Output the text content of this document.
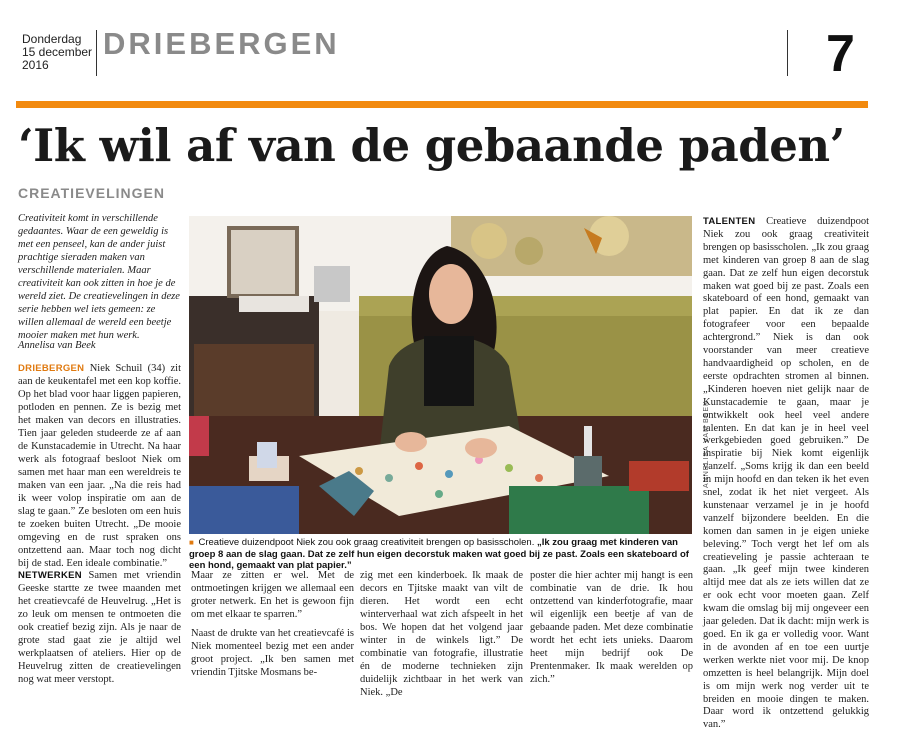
Donderdag
15 december
2016
DRIEBERGEN	7
‘Ik wil af van de gebaande paden’
CREATIEVELINGEN
Creativiteit komt in verschillende gedaantes. Waar de een geweldig is met een penseel, kan de ander juist prachtige sieraden maken van verschillende materialen. Maar creativiteit kan ook zitten in hoe je de wereld ziet. De creatievelingen in deze serie hebben wel iets gemeen: ze willen allemaal de wereld een beetje mooier maken met hun werk.
Annelisa van Beek
DRIEBERGEN Niek Schuil (34) zit aan de keukentafel met een kop koffie. Op het blad voor haar liggen papieren, potloden en pennen. Ze is bezig met het maken van decors en illustraties. Tien jaar geleden studeerde ze af aan de Kunstacademie in Utrecht. Na haar werk als fotograaf besloot Niek om samen met haar man een wereldreis te maken van een jaar. „Na die reis had ik weer volop inspiratie om aan de slag te gaan.” Ze besloten om een huis te zoeken buiten Utrecht. „De mooie omgeving en de rust spraken ons ontzettend aan. Maar toch nog dicht bij de stad. Een ideale combinatie.”
ANNELISA VAN BEEK
■ Creatieve duizendpoot Niek zou ook graag creativiteit brengen op basisscholen. „Ik zou graag met kinderen van groep 8 aan de slag gaan. Dat ze zelf hun eigen decorstuk maken wat goed bij ze past. Zoals een skateboard of een hond, gemaakt van plat papier.”
NETWERKEN Samen met vriendin Geeske startte ze twee maanden met het creatievcafé de Heuvelrug. „Het is zo leuk om mensen te ontmoeten die ook creatief bezig zijn. Als je naar de grote stad gaat zie je altijd wel werkplaatsen of ateliers. Hier op de Heuvelrug zitten de creatievelingen nog wat meer verstopt.
Maar ze zitten er wel. Met de ontmoetingen krijgen we allemaal een groter netwerk. En het is gewoon fijn om met elkaar te sparren.”
Naast de drukte van het creatievcafé is Niek momenteel bezig met een ander groot project. „Ik ben samen met vriendin Tjitske Mosmans be-
zig met een kinderboek. Ik maak de decors en Tjitske maakt van vilt de dieren. Het wordt een echt winterverhaal wat zich afspeelt in het bos. We hopen dat het volgend jaar winter in de winkels ligt.” De combinatie van fotografie, illustratie én de moderne technieken zijn duidelijk zichtbaar in het werk van Niek. „De
poster die hier achter mij hangt is een combinatie van de drie. Ik hou ontzettend van kinderfotografie, maar wil eigenlijk een beetje af van de gebaande paden. Met deze combinatie wordt het echt iets unieks. Daarom heet mijn bedrijf ook De Prentenmaker. Ik maak werelden op zich.”
TALENTEN Creatieve duizendpoot Niek zou ook graag creativiteit brengen op basisscholen. „Ik zou graag met kinderen van groep 8 aan de slag gaan. Dat ze zelf hun eigen decorstuk maken wat goed bij ze past. Zoals een skateboard of een hond, gemaakt van plat papier. En dat ik ze dan fotografeer voor een bepaalde achtergrond.” Niek is dan ook voorstander van meer creatieve handvaardigheid op scholen, en de eerste opdrachten stromen al binnen. „Kinderen hoeven niet gelijk naar de Kunstacademie te gaan, maar je ontwikkelt ook heel veel andere talenten. En dat kan je in heel veel werkgebieden goed gebruiken.” De inspiratie bij Niek komt eigenlijk vanzelf. „Soms krijg ik dan een beeld in mijn hoofd en dan teken ik het even snel, zodat ik het niet vergeet. Als kunstenaar verzamel je in je hoofd vanzelf bijzondere beelden. En die komen dan samen in je eigen unieke beleving.” Toch vergt het lef om als creatieveling je passie achteraan te gaan. „Ik geef mijn twee kinderen altijd mee dat als ze iets willen dat ze er ook echt voor moeten gaan. Zelf kwam die omslag bij mij ongeveer een jaar geleden. Dat ik dacht: mijn werk is goed. En ik ga er volledig voor. Want in de avonden af en toe een uurtje werken werkte niet voor mij. De knop omzetten is heel belangrijk. Mijn doel is om mijn werk nog verder uit te breiden en mooie dingen te maken. Daar word ik ontzettend gelukkig van.”
